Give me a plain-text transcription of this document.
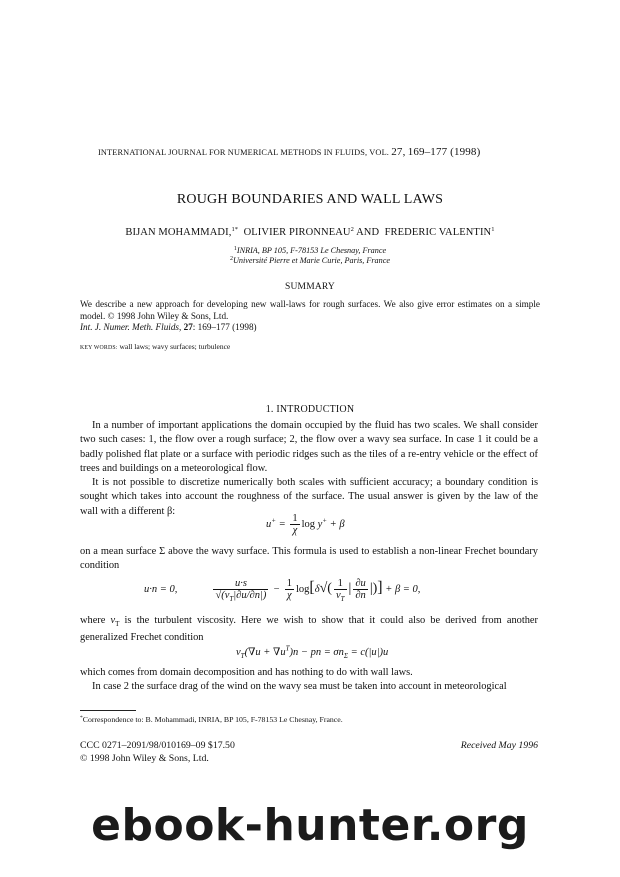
INTERNATIONAL JOURNAL FOR NUMERICAL METHODS IN FLUIDS, VOL. 27, 169–177 (1998)
ROUGH BOUNDARIES AND WALL LAWS
BIJAN MOHAMMADI,$^{1*}$ OLIVIER PIRONNEAU$^2$ AND FREDERIC VALENTIN$^1$
$^1$INRIA, BP 105, F-78153 Le Chesnay, France
$^2$Université Pierre et Marie Curie, Paris, France
SUMMARY
We describe a new approach for developing new wall-laws for rough surfaces. We also give error estimates on a simple model. © 1998 John Wiley & Sons, Ltd.
Int. J. Numer. Meth. Fluids, 27: 169–177 (1998)
KEY WORDS: wall laws; wavy surfaces; turbulence
1. INTRODUCTION

In a number of important applications the domain occupied by the fluid has two scales. We shall consider two such cases: 1, the flow over a rough surface; 2, the flow over a wavy sea surface. In case 1 it could be a badly polished flat plate or a surface with periodic ridges such as the tiles of a re-entry vehicle or the effect of trees and buildings on a meteorological flow.

It is not possible to discretize numerically both scales with sufficient accuracy; a boundary condition is sought which takes into account the roughness of the surface. The usual answer is given by the law of the wall with a different β:

$u^+ = \frac{1}{\chi}$ log y+ + β

on a mean surface Σ above the wavy surface. This formula is used to establish a non-linear Frechet boundary condition

u·n = 0, $\frac{u\cdot s}{√(\nu_T|\partial u/\partial n|)} - \frac{1}{\chi} \log[\delta√( \frac{1}{\nu_T}$ | $\frac{\partial u}{\partial n}$ |)] + β = 0,

where $\nu_T$ is the turbulent viscosity. Here we wish to show that it could also be derived from another generalized Frechet condition

$\nu_T(\nabla u + \nabla u^T)n$ − pn = $\sigma n_\Sigma = c(|u|)u$

which comes from domain decomposition and has nothing to do with wall laws.

In case 2 the surface drag of the wind on the wavy sea must be taken into account in meteorological

*Correspondence to: B. Mohammadi, INRIA, BP 105, F-78153 Le Chesnay, France.
CCC 0271–2091/98/010169–09 $17.50
© 1998 John Wiley & Sons, Ltd.
Received May 1996
ebook-hunter.org
